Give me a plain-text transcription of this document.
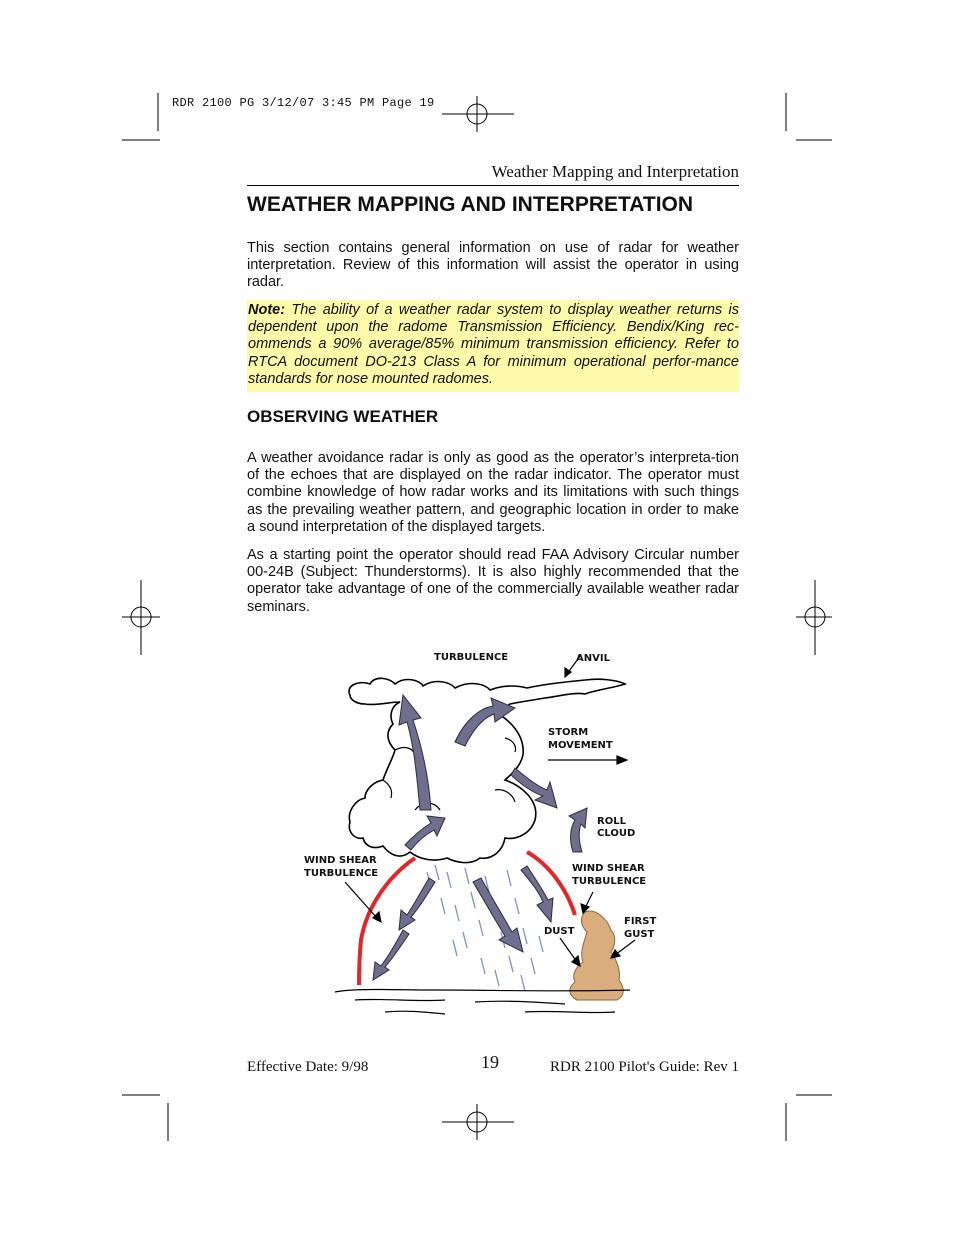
RDR 2100 PG 3/12/07 3:45 PM Page 19
Weather Mapping and Interpretation
WEATHER MAPPING AND INTERPRETATION
This section contains general information on use of radar for weather interpretation. Review of this information will assist the operator in using radar.
Note: The ability of a weather radar system to display weather returns is dependent upon the radome Transmission Efficiency. Bendix/King rec-ommends a 90% average/85% minimum transmission efficiency. Refer to RTCA document DO-213 Class A for minimum operational perfor-mance standards for nose mounted radomes.
OBSERVING WEATHER
A weather avoidance radar is only as good as the operator’s interpreta-tion of the echoes that are displayed on the radar indicator. The operator must combine knowledge of how radar works and its limitations with such things as the prevailing weather pattern, and geographic location in order to make a sound interpretation of the displayed targets.
As a starting point the operator should read FAA Advisory Circular number 00-24B (Subject: Thunderstorms). It is also highly recommended that the operator take advantage of one of the commercially available weather radar seminars.
TURBULENCE	ANVIL
STORM
MOVEMENT
ROLL
CLOUD
WIND SHEAR
TURBULENCE	WIND SHEAR
TURBULENCE
DUST
FIRST
GUST
Effective Date: 9/98	19	RDR 2100 Pilot's Guide: Rev 1
